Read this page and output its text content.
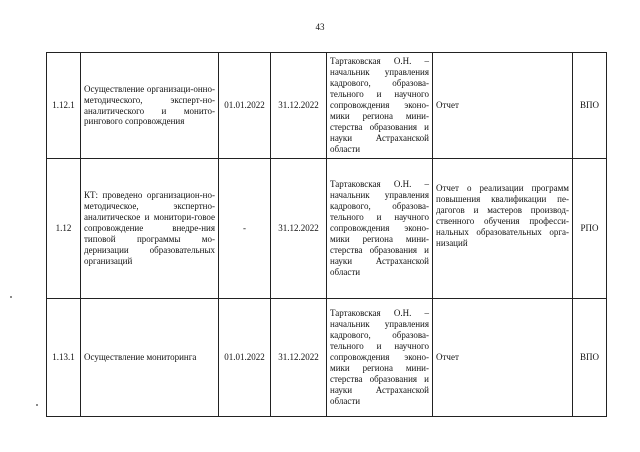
43
1.12.1	Осуществление организаци-онно-методического, эксперт-но-аналитического и монито-рингового сопровождения	01.01.2022	31.12.2022	Тартаковская О.Н. – начальник управления кадрового, образова-тельного и научного сопровождения эконо-мики региона мини-стерства образования и науки Астраханской области	Отчет	ВПО
1.12	КТ: проведено организацион-но-методическое, экспертно-аналитическое и монитори-говое сопровождение внедре-ния типовой программы мо-дернизации образовательных организаций	-	31.12.2022	Тартаковская О.Н. – начальник управления кадрового, образова-тельного и научного сопровождения эконо-мики региона мини-стерства образования и науки Астраханской области	Отчет о реализации программ повышения квалификации пе-дагогов и мастеров производ-ственного обучения професси-нальных образовательных орга-низаций	РПО
1.13.1	Осуществление мониторинга	01.01.2022	31.12.2022	Тартаковская О.Н. – начальник управления кадрового, образова-тельного и научного сопровождения эконо-мики региона мини-стерства образования и науки Астраханской области	Отчет	ВПО
